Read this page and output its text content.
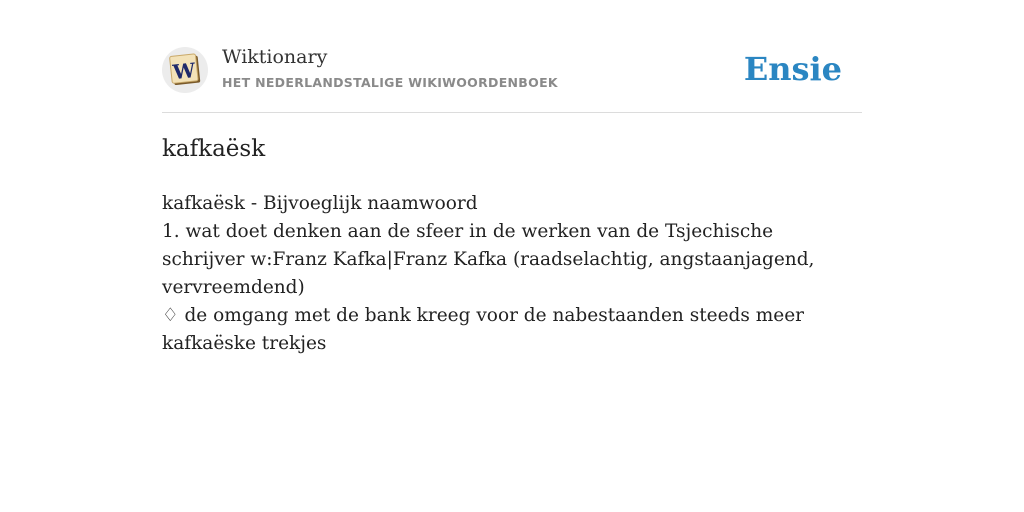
W
Wiktionary
HET NEDERLANDSTALIGE WIKIWOORDENBOEK	Ensie
kafkaësk
kafkaësk - Bijvoeglijk naamwoord
1. wat doet denken aan de sfeer in de werken van de Tsjechische schrijver w:Franz Kafka|Franz Kafka (raadselachtig, angstaanjagend, vervreemdend)
♢ de omgang met de bank kreeg voor de nabestaanden steeds meer kafkaëske trekjes
